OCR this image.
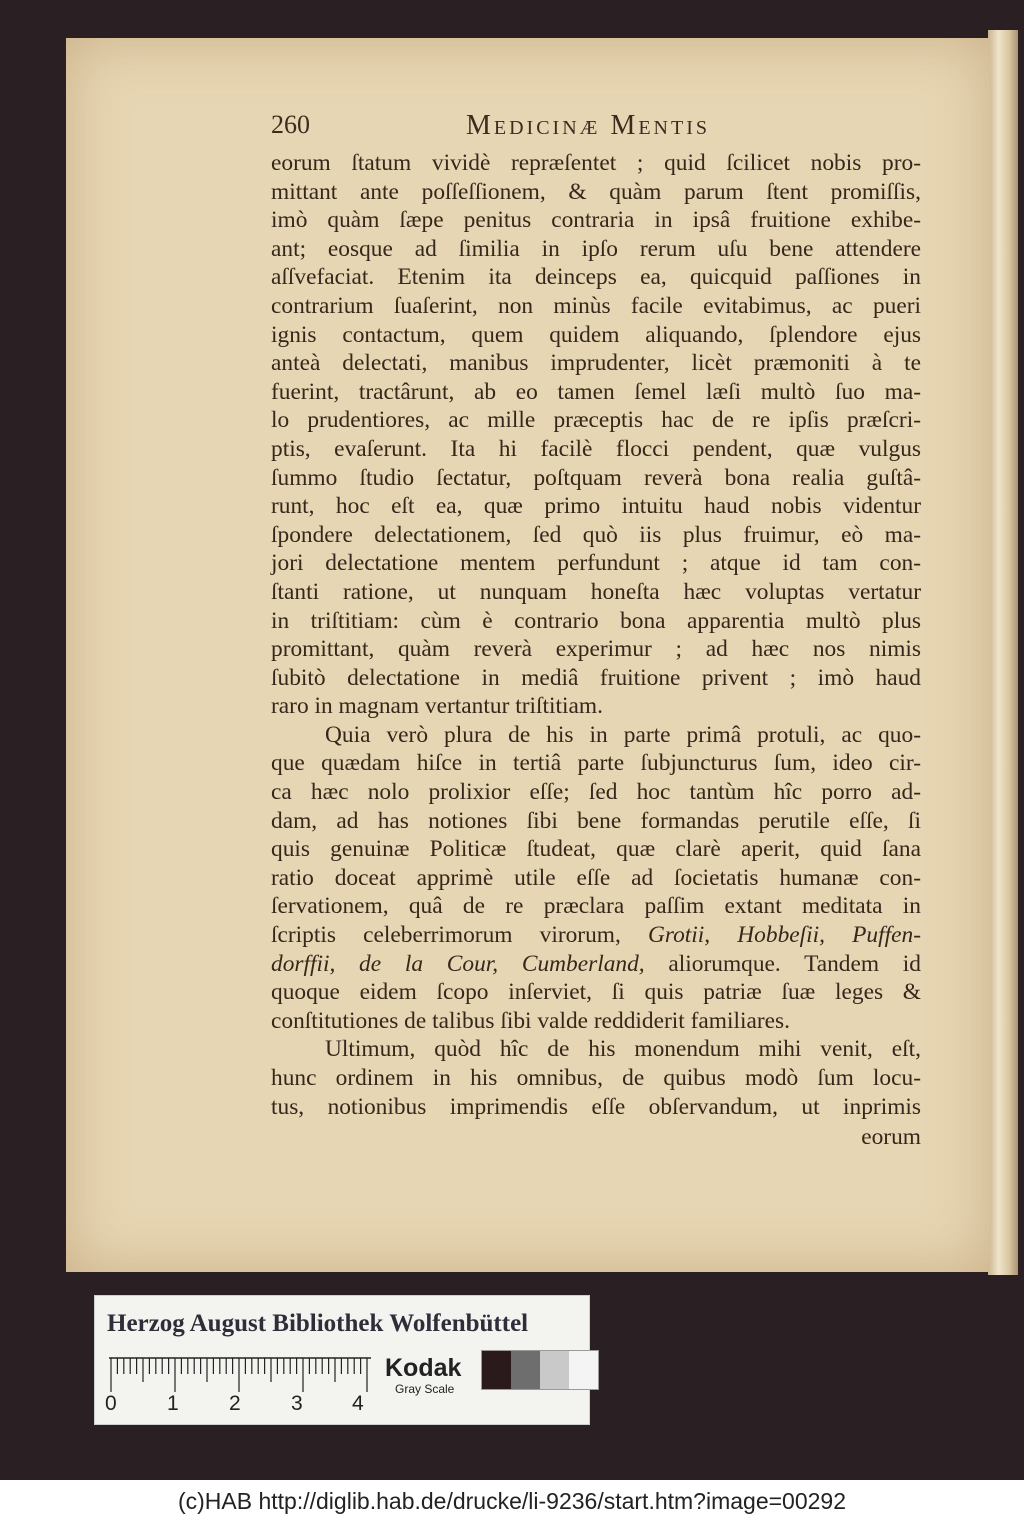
260	Medicinæ Mentis
eorum ſtatum vividè repræſentet ; quid ſcilicet nobis pro-
mittant ante poſſeſſionem, & quàm parum ſtent promiſſis,
imò quàm ſæpe penitus contraria in ipsâ fruitione exhibe-
ant; eosque ad ſimilia in ipſo rerum uſu bene attendere
aſſvefaciat. Etenim ita deinceps ea, quicquid paſſiones in
contrarium ſuaſerint, non minùs facile evitabimus, ac pueri
ignis contactum, quem quidem aliquando, ſplendore ejus
anteà delectati, manibus imprudenter, licèt præmoniti à te
fuerint, tractârunt, ab eo tamen ſemel læſi multò ſuo ma-
lo prudentiores, ac mille præceptis hac de re ipſis præſcri-
ptis, evaſerunt. Ita hi facilè flocci pendent, quæ vulgus
ſummo ſtudio ſectatur, poſtquam reverà bona realia guſtâ-
runt, hoc eſt ea, quæ primo intuitu haud nobis videntur
ſpondere delectationem, ſed quò iis plus fruimur, eò ma-
jori delectatione mentem perfundunt ; atque id tam con-
ſtanti ratione, ut nunquam honeſta hæc voluptas vertatur
in triſtitiam: cùm è contrario bona apparentia multò plus
promittant, quàm reverà experimur ; ad hæc nos nimis
ſubitò delectatione in mediâ fruitione privent ; imò haud
raro in magnam vertantur triſtitiam.
Quia verò plura de his in parte primâ protuli, ac quo-
que quædam hiſce in tertiâ parte ſubjuncturus ſum, ideo cir-
ca hæc nolo prolixior eſſe; ſed hoc tantùm hîc porro ad-
dam, ad has notiones ſibi bene formandas perutile eſſe, ſi
quis genuinæ Politicæ ſtudeat, quæ clarè aperit, quid ſana
ratio doceat apprimè utile eſſe ad ſocietatis humanæ con-
ſervationem, quâ de re præclara paſſim extant meditata in
ſcriptis celeberrimorum virorum, Grotii, Hobbeſii, Puffen-
dorffii, de la Cour, Cumberland, aliorumque. Tandem id
quoque eidem ſcopo inſerviet, ſi quis patriæ ſuæ leges &
conſtitutiones de talibus ſibi valde reddiderit familiares.
Ultimum, quòd hîc de his monendum mihi venit, eſt,
hunc ordinem in his omnibus, de quibus modò ſum locu-
tus, notionibus imprimendis eſſe obſervandum, ut inprimis
eorum
Herzog August Bibliothek Wolfenbüttel
0 1 2 3 4
Kodak
Gray Scale
(c)HAB http://diglib.hab.de/drucke/li-9236/start.htm?image=00292
